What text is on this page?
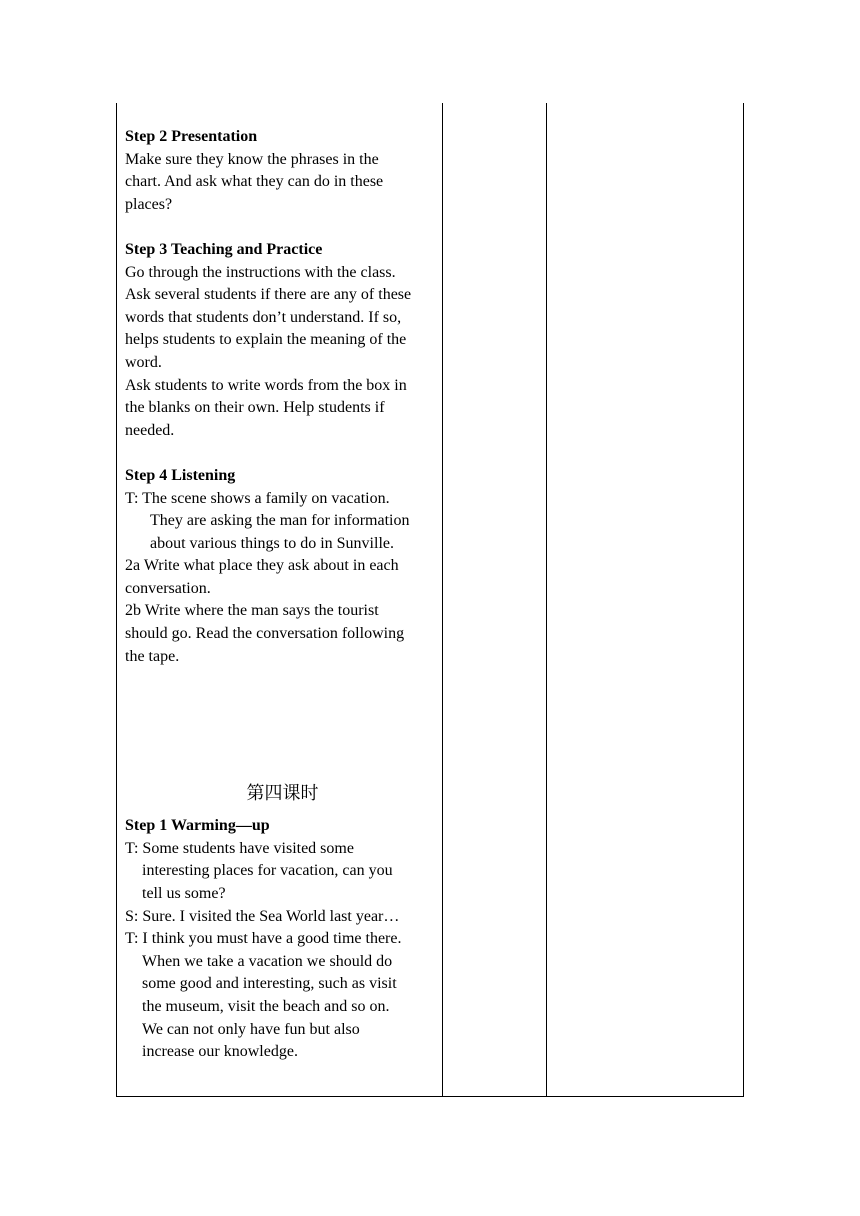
Step 2 Presentation

Make sure they know the phrases in the

chart. And ask what they can do in these

places?

Step 3 Teaching and Practice

Go through the instructions with the class.

Ask several students if there are any of these

words that students don’t understand. If so,

helps students to explain the meaning of the

word.

Ask students to write words from the box in

the blanks on their own. Help students if

needed.

Step 4 Listening

T: The scene shows a family on vacation.

They are asking the man for information

about various things to do in Sunville.

2a Write what place they ask about in each

conversation.

2b Write where the man says the tourist

should go. Read the conversation following

the tape.

第四课时

Step 1 Warming—up

T: Some students have visited some

interesting places for vacation, can you

tell us some?

S: Sure. I visited the Sea World last year…

T: I think you must have a good time there.

When we take a vacation we should do

some good and interesting, such as visit

the museum, visit the beach and so on.

We can not only have fun but also

increase our knowledge.
